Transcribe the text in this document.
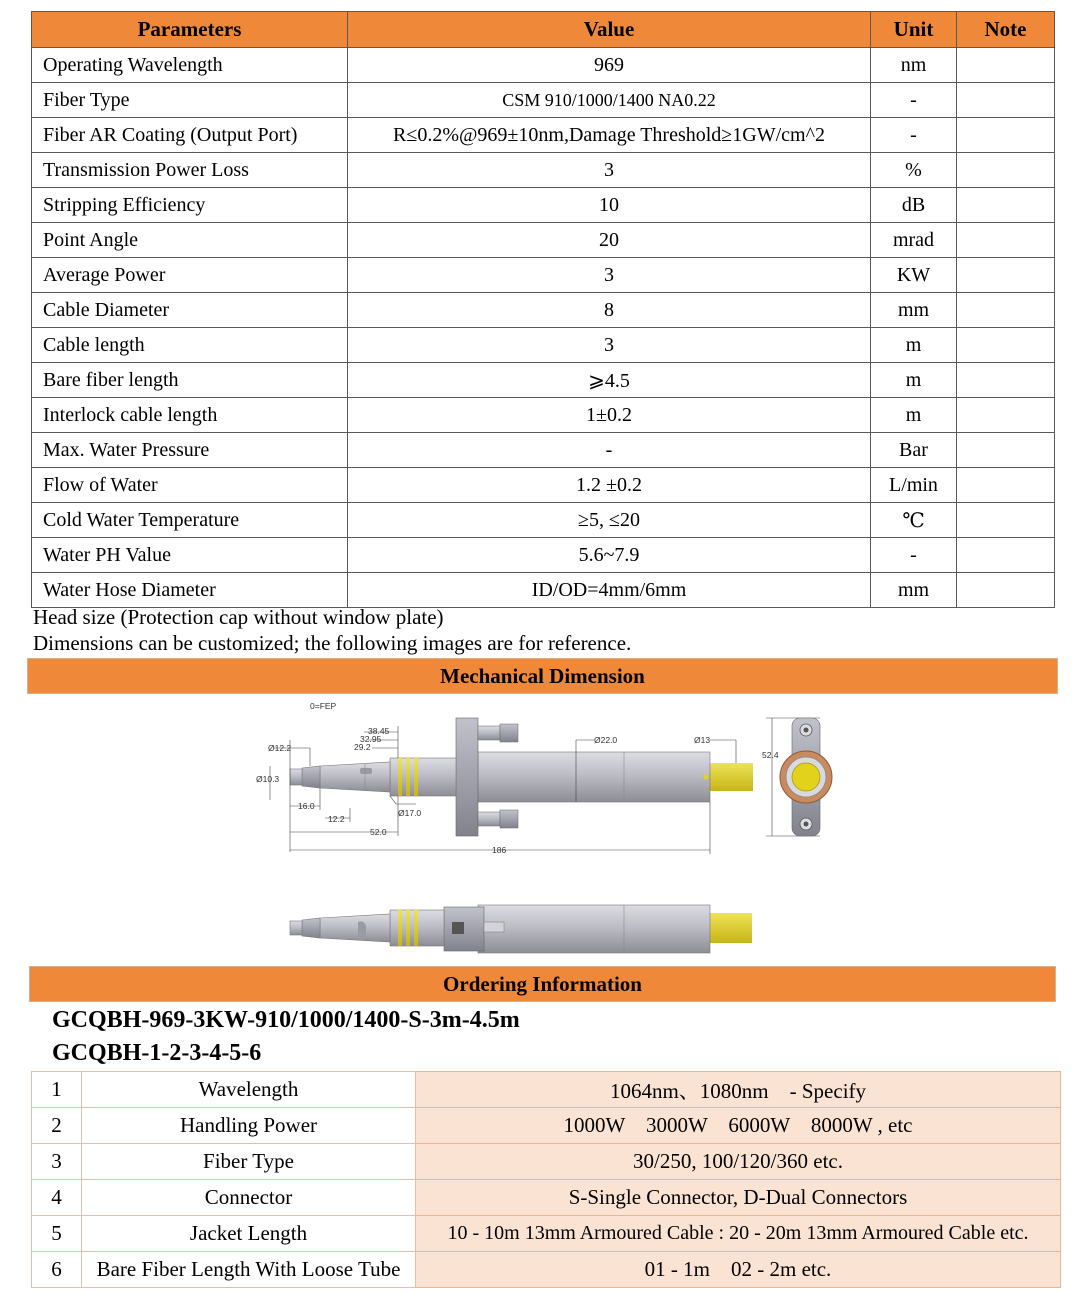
Parameters	Value	Unit	Note
Operating Wavelength	969	nm	
Fiber Type	CSM 910/1000/1400 NA0.22	-	
Fiber AR Coating (Output Port)	R≤0.2%@969±10nm,Damage Threshold≥1GW/cm^2	-	
Transmission Power Loss	3	%	
Stripping Efficiency	10	dB	
Point Angle	20	mrad	
Average Power	3	KW	
Cable Diameter	8	mm	
Cable length	3	m	
Bare fiber length	⩾4.5	m	
Interlock cable length	1±0.2	m	
Max. Water Pressure	-	Bar	
Flow of Water	1.2 ±0.2	L/min	
Cold Water Temperature	≥5, ≤20	℃	
Water PH Value	5.6~7.9	-	
Water Hose Diameter	ID/OD=4mm/6mm	mm	
Head size (Protection cap without window plate)
Dimensions can be customized; the following images are for reference.
Mechanical Dimension
0=FEP
38.45
32.95
29.2
Ø12.2
Ø10.3
16.0
12.2
Ø17.0
52.0
Ø22.0	Ø13
186
52.4
Ordering Information
GCQBH-969-3KW-910/1000/1400-S-3m-4.5m
GCQBH-1-2-3-4-5-6
1	Wavelength	1064nm、1080nm    - Specify
2	Handling Power	1000W    3000W    6000W    8000W , etc
3	Fiber Type	30/250, 100/120/360 etc.
4	Connector	S-Single Connector, D-Dual Connectors
5	Jacket Length	10 - 10m 13mm Armoured Cable : 20 - 20m 13mm Armoured Cable etc.
6	Bare Fiber Length With Loose Tube	01 - 1m    02 - 2m etc.
